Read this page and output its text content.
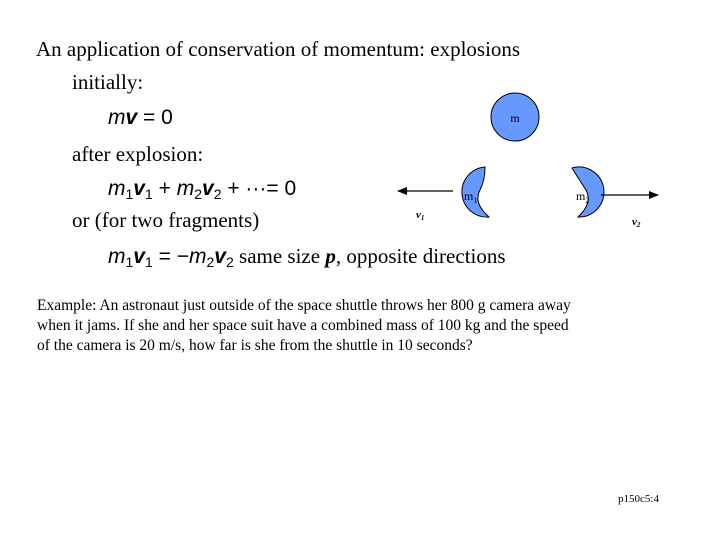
An application of conservation of momentum: explosions
initially:
mv = 0
after explosion:
$m_1v_1 + m_2v_2$ + ···= 0
or (for two fragments)
$m_1v_1 = -m_2v_2$ same size p, opposite directions
m
$m_1$	$m_2$
v1	v2
Example: An astronaut just outside of the space shuttle throws her 800 g camera away
when it jams. If she and her space suit have a combined mass of 100 kg and the speed
of the camera is 20 m/s, how far is she from the shuttle in 10 seconds?
p150c5:4
